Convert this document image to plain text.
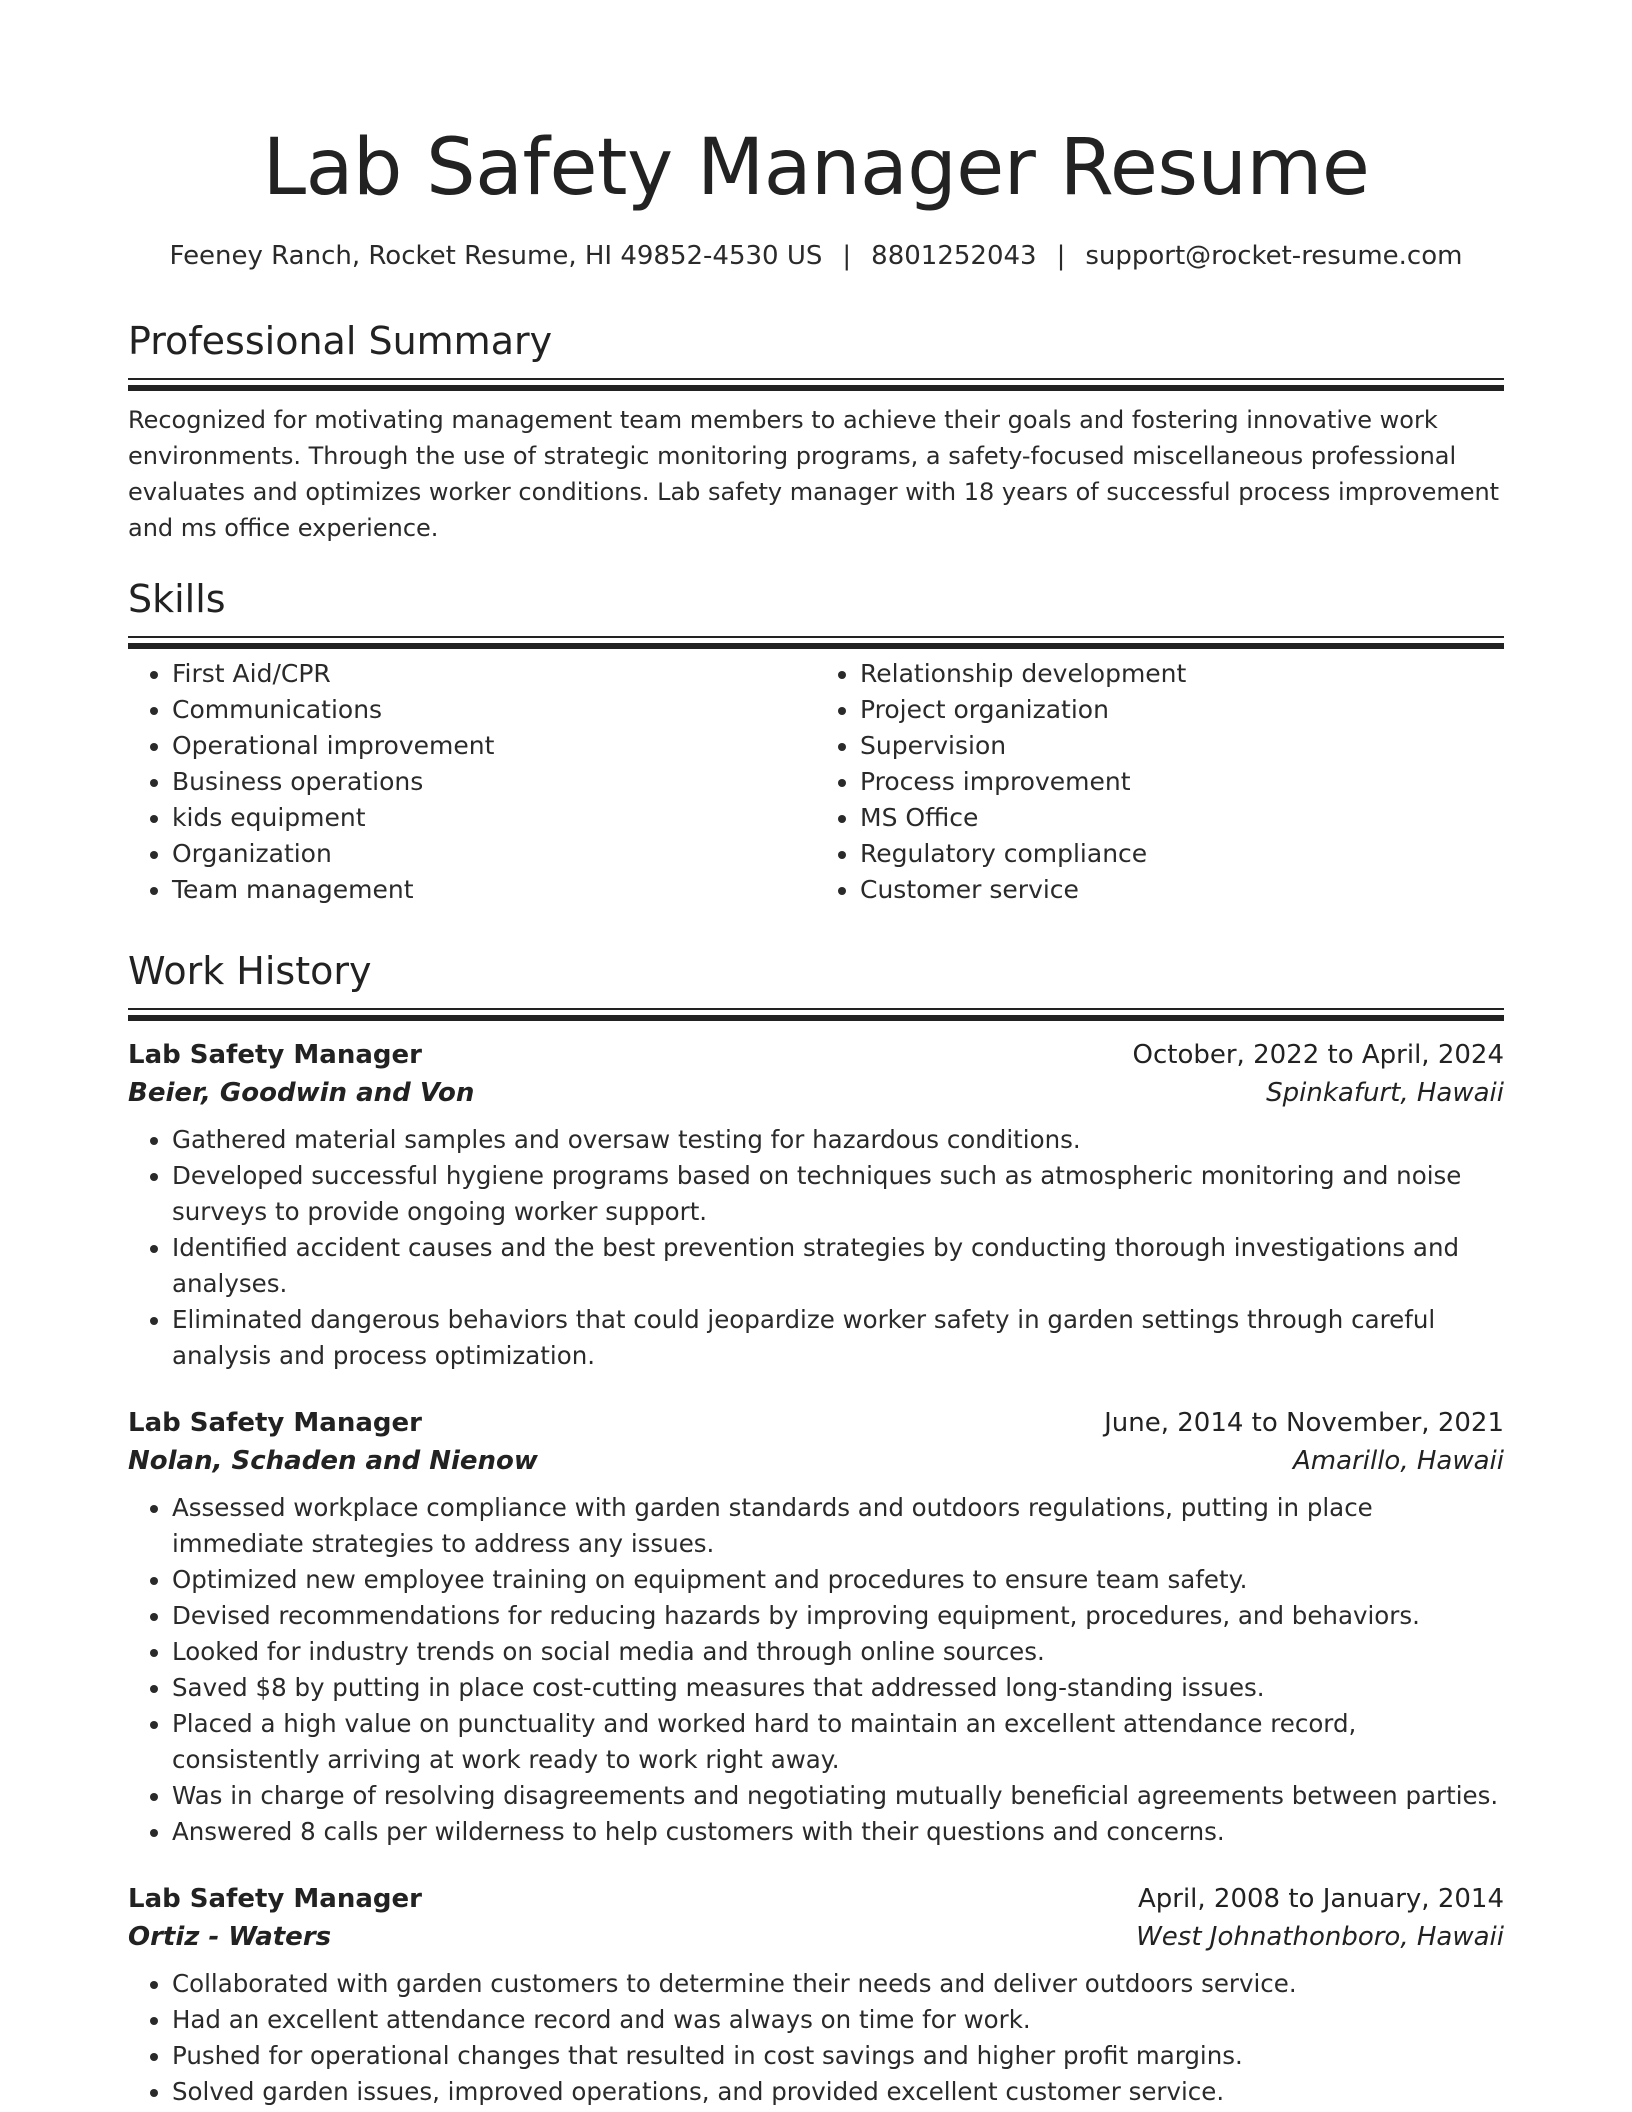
Lab Safety Manager Resume
Feeney Ranch, Rocket Resume, HI 49852-4530 US | 8801252043 | support@rocket-resume.com
Professional Summary

Recognized for motivating management team members to achieve their goals and fostering innovative work environments. Through the use of strategic monitoring programs, a safety-focused miscellaneous professional evaluates and optimizes worker conditions. Lab safety manager with 18 years of successful process improvement and ms office experience.

Skills
• First Aid/CPR
• Communications
• Operational improvement
• Business operations
• kids equipment
• Organization
• Team management
• Relationship development
• Project organization
• Supervision
• Process improvement
• MS Office
• Regulatory compliance
• Customer service
Work History
Lab Safety Manager	October, 2022 to April, 2024
Beier, Goodwin and Von	Spinkafurt, Hawaii
• Gathered material samples and oversaw testing for hazardous conditions.
• Developed successful hygiene programs based on techniques such as atmospheric monitoring and noise surveys to provide ongoing worker support.
• Identified accident causes and the best prevention strategies by conducting thorough investigations and analyses.
• Eliminated dangerous behaviors that could jeopardize worker safety in garden settings through careful analysis and process optimization.
Lab Safety Manager	June, 2014 to November, 2021
Nolan, Schaden and Nienow	Amarillo, Hawaii
• Assessed workplace compliance with garden standards and outdoors regulations, putting in place immediate strategies to address any issues.
• Optimized new employee training on equipment and procedures to ensure team safety.
• Devised recommendations for reducing hazards by improving equipment, procedures, and behaviors.
• Looked for industry trends on social media and through online sources.
• Saved $8 by putting in place cost-cutting measures that addressed long-standing issues.
• Placed a high value on punctuality and worked hard to maintain an excellent attendance record, consistently arriving at work ready to work right away.
• Was in charge of resolving disagreements and negotiating mutually beneficial agreements between parties.
• Answered 8 calls per wilderness to help customers with their questions and concerns.
Lab Safety Manager	April, 2008 to January, 2014
Ortiz - Waters	West Johnathonboro, Hawaii
• Collaborated with garden customers to determine their needs and deliver outdoors service.
• Had an excellent attendance record and was always on time for work.
• Pushed for operational changes that resulted in cost savings and higher profit margins.
• Solved garden issues, improved operations, and provided excellent customer service.
